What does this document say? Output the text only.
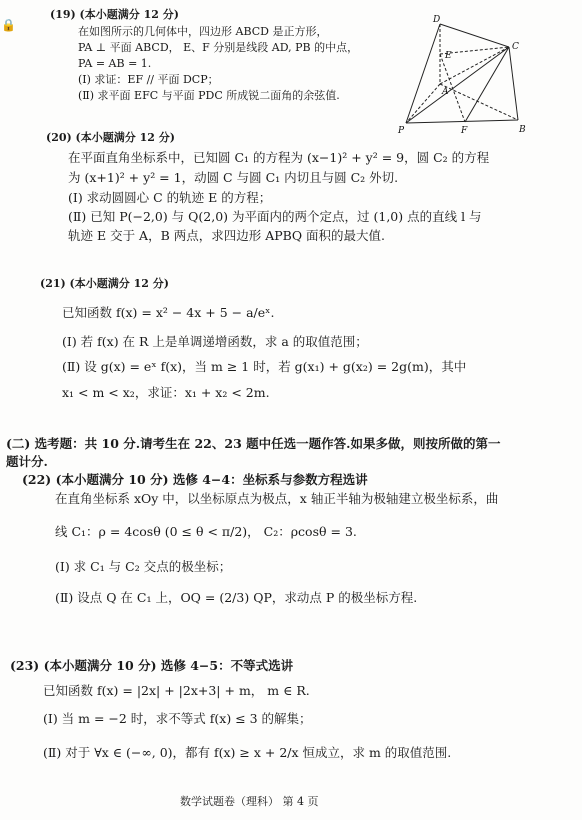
🔒
(19) (本小题满分 12 分)
在如图所示的几何体中，四边形 ABCD 是正方形，
PA ⊥ 平面 ABCD， E、F 分别是线段 AD, PB 的中点，
PA = AB = 1.
(Ⅰ) 求证：EF // 平面 DCP；
(Ⅱ) 求平面 EFC 与平面 PDC 所成锐二面角的余弦值.
D
C
E
A
P	F	B
(20) (本小题满分 12 分)
在平面直角坐标系中，已知圆 C₁ 的方程为 (x−1)² + y² = 9，圆 C₂ 的方程
为 (x+1)² + y² = 1，动圆 C 与圆 C₁ 内切且与圆 C₂ 外切.
(Ⅰ) 求动圆圆心 C 的轨迹 E 的方程；
(Ⅱ) 已知 P(−2,0) 与 Q(2,0) 为平面内的两个定点，过 (1,0) 点的直线 l 与
轨迹 E 交于 A，B 两点，求四边形 APBQ 面积的最大值.
(21) (本小题满分 12 分)
已知函数 f(x) = x² − 4x + 5 − a/eˣ.
(Ⅰ) 若 f(x) 在 R 上是单调递增函数，求 a 的取值范围；
(Ⅱ) 设 g(x) = eˣ f(x)，当 m ≥ 1 时，若 g(x₁) + g(x₂) = 2g(m)，其中
x₁ < m < x₂，求证：x₁ + x₂ < 2m.
(二) 选考题：共 10 分.请考生在 22、23 题中任选一题作答.如果多做，则按所做的第一
题计分.
(22) (本小题满分 10 分) 选修 4−4：坐标系与参数方程选讲
在直角坐标系 xOy 中，以坐标原点为极点，x 轴正半轴为极轴建立极坐标系，曲
线 C₁：ρ = 4cosθ (0 ≤ θ < π/2)， C₂：ρcosθ = 3.
(Ⅰ) 求 C₁ 与 C₂ 交点的极坐标；
(Ⅱ) 设点 Q 在 C₁ 上，OQ = (2/3) QP，求动点 P 的极坐标方程.
(23) (本小题满分 10 分) 选修 4−5：不等式选讲
已知函数 f(x) = |2x| + |2x+3| + m， m ∈ R.
(Ⅰ) 当 m = −2 时，求不等式 f(x) ≤ 3 的解集；
(Ⅱ) 对于 ∀x ∈ (−∞, 0)，都有 f(x) ≥ x + 2/x 恒成立，求 m 的取值范围.
数学试题卷（理科） 第 4 页
